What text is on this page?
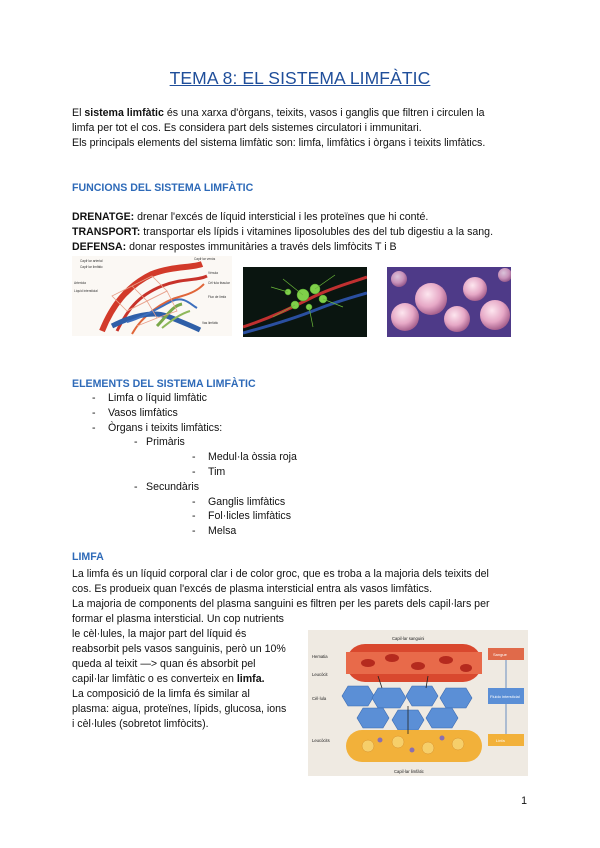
TEMA 8: EL SISTEMA LIMFÀTIC

El sistema limfàtic és una xarxa d'òrgans, teixits, vasos i ganglis que filtren i circulen la

limfa per tot el cos. Es considera part dels sistemes circulatori i immunitari.

Els principals elements del sistema limfàtic son: limfa, limfàtics i òrgans i teixits limfàtics.

FUNCIONS DEL SISTEMA LIMFÀTIC

DRENATGE: drenar l'excés de líquid intersticial i les proteïnes que hi conté.
TRANSPORT: transportar els lípids i vitamines liposolubles des del tub digestiu a la sang.
DEFENSA: donar respostes immunitàries a través dels limfòcits T i B
Capil·lar arterial
Capil·lar limfàtic
Arteriola
Líquid intersticial
Capil·lar venós
Vènula
Cèl·lula tissular
Flux de limfa
Vas limfàtic

ELEMENTS DEL SISTEMA LIMFÀTIC

- Limfa o líquid limfàtic
- Vasos limfàtics
- Òrgans i teixits limfàtics:
- Primàris
- Medul·la òssia roja
- Tim
- Secundàris
- Ganglis limfàtics
- Fol·licles limfàtics
- Melsa

LIMFA

La limfa és un líquid corporal clar i de color groc, que es troba a la majoria dels teixits del
cos. Es produeix quan l'excés de plasma intersticial entra als vasos limfàtics.
La majoria de components del plasma sanguini es filtren per les parets dels capil·lars per
formar el plasma intersticial. Un cop nutrients
le cèl·lules, la major part del líquid és
reabsorbit pels vasos sanguinis, però un 10%
queda al teixit —> quan és absorbit pel
capil·lar limfàtic o es converteix en limfa.
La composició de la limfa és similar al
plasma: aigua, proteïnes, lípids, glucosa, ions
i cèl·lules (sobretot limfòcits).
Capil·lar sanguini
Capil·lar limfàtic
Hematia
Leucòcit
Cèl·lula
Leucòcits
Sangue
Fluido intersticial
Linfa
1
